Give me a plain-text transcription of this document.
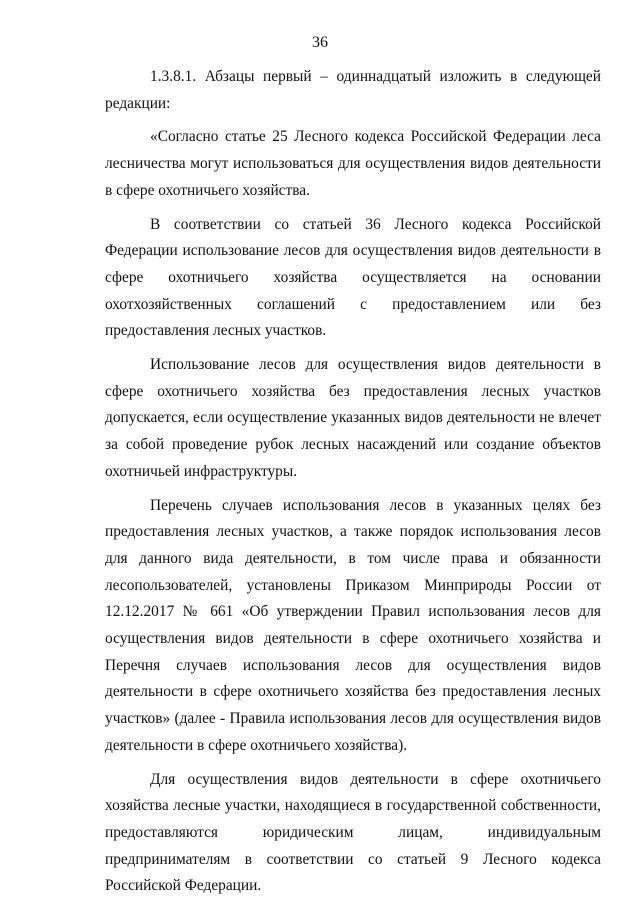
36

1.3.8.1. Абзацы первый – одиннадцатый изложить в следующей редакции:

«Согласно статье 25 Лесного кодекса Российской Федерации леса лесничества могут использоваться для осуществления видов деятельности в сфере охотничьего хозяйства.

В соответствии со статьей 36 Лесного кодекса Российской Федерации использование лесов для осуществления видов деятельности в сфере охотничьего хозяйства осуществляется на основании охотхозяйственных соглашений с предоставлением или без предоставления лесных участков.

Использование лесов для осуществления видов деятельности в сфере охотничьего хозяйства без предоставления лесных участков допускается, если осуществление указанных видов деятельности не влечет за собой проведение рубок лесных насаждений или создание объектов охотничьей инфраструктуры.

Перечень случаев использования лесов в указанных целях без предоставления лесных участков, а также порядок использования лесов для данного вида деятельности, в том числе права и обязанности лесопользователей, установлены Приказом Минприроды России от 12.12.2017 № 661 «Об утверждении Правил использования лесов для осуществления видов деятельности в сфере охотничьего хозяйства и Перечня случаев использования лесов для осуществления видов деятельности в сфере охотничьего хозяйства без предоставления лесных участков» (далее - Правила использования лесов для осуществления видов деятельности в сфере охотничьего хозяйства).

Для осуществления видов деятельности в сфере охотничьего хозяйства лесные участки, находящиеся в государственной собственности, предоставляются юридическим лицам, индивидуальным предпринимателям в соответствии со статьей 9 Лесного кодекса Российской Федерации.
